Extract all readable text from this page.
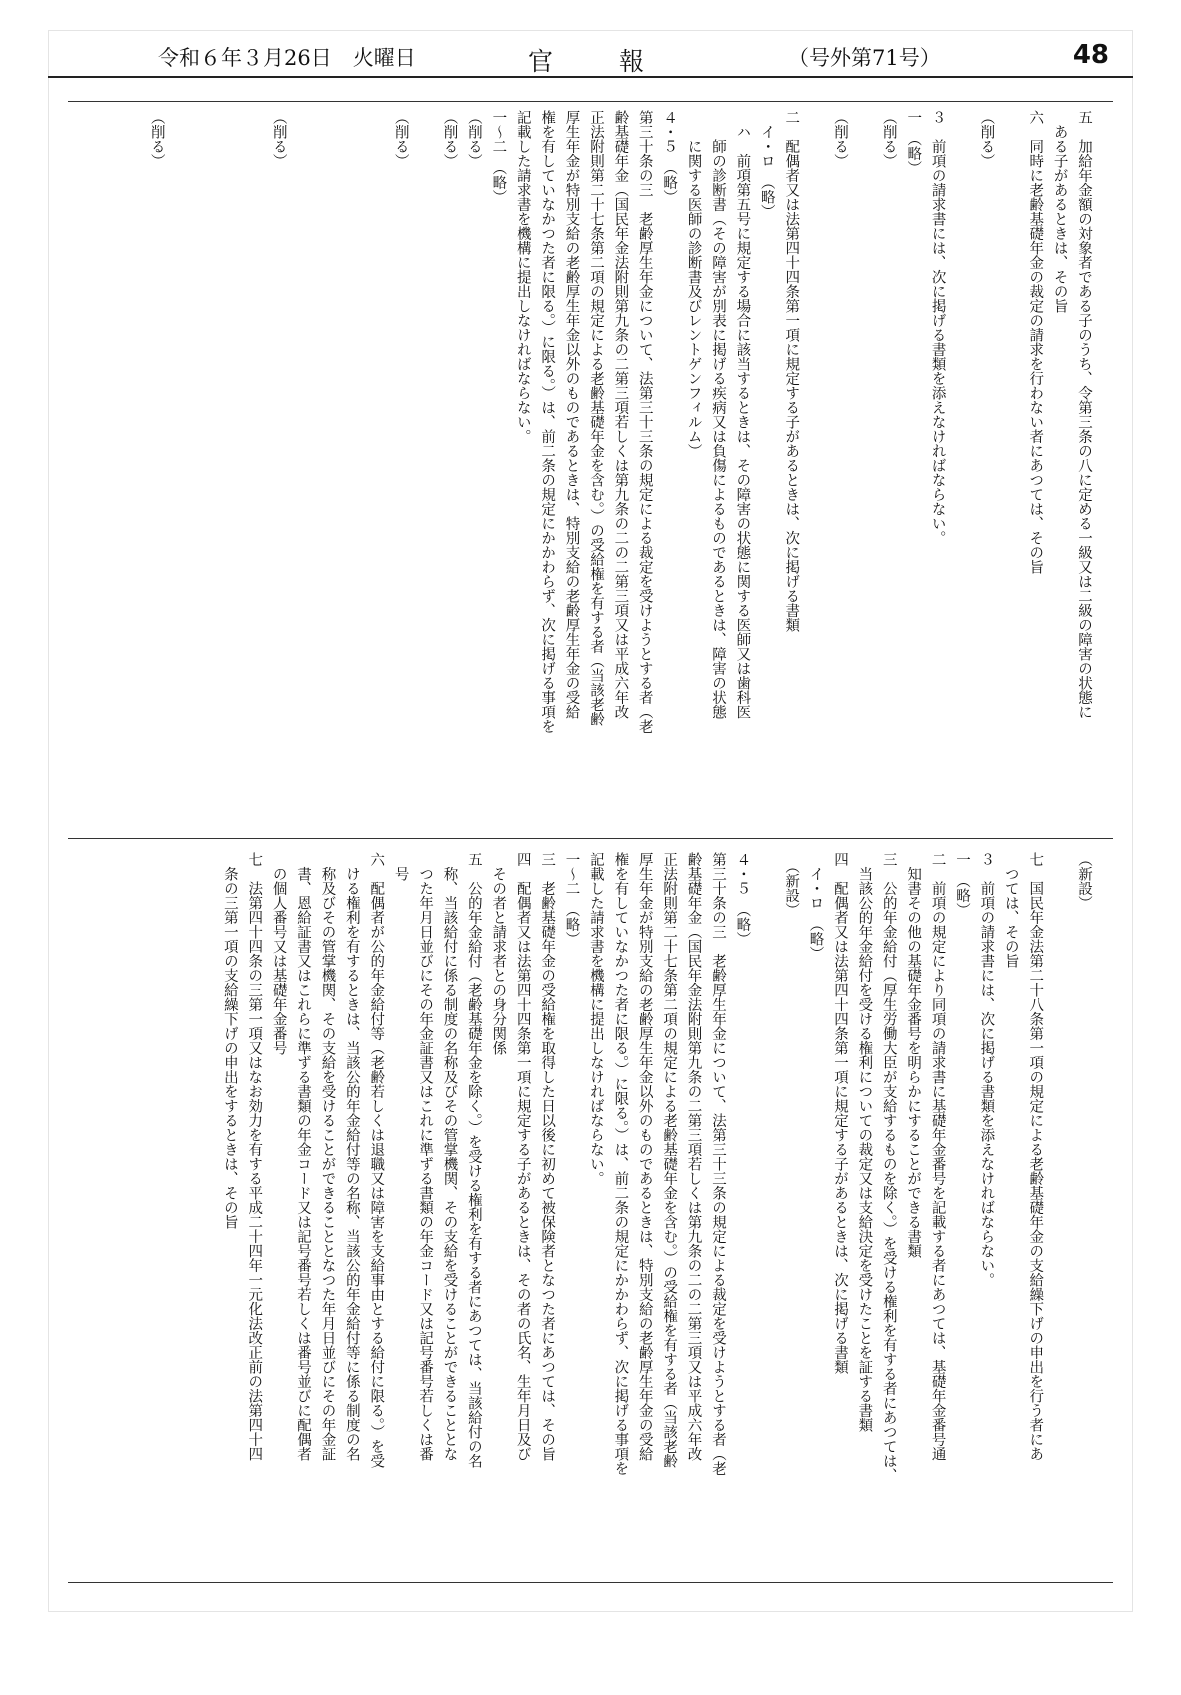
令和６年３月26日　火曜日	官報	（号外第71号）	48
五　加給年金額の対象者である子のうち、令第三条の八に定める一級又は二級の障害の状態に
　ある子があるときは、その旨
六　同時に老齢基礎年金の裁定の請求を行わない者にあつては、その旨
（削る）
３　前項の請求書には、次に掲げる書類を添えなければならない。
一　（略）
（削る）
（削る）
二　配偶者又は法第四十四条第一項に規定する子があるときは、次に掲げる書類
　イ・ロ　（略）
　ハ　前項第五号に規定する場合に該当するときは、その障害の状態に関する医師又は歯科医
　　師の診断書（その障害が別表に掲げる疾病又は負傷によるものであるときは、障害の状態
　　に関する医師の診断書及びレントゲンフィルム）
４・５　（略）
第三十条の三　老齢厚生年金について、法第三十三条の規定による裁定を受けようとする者（老
齢基礎年金（国民年金法附則第九条の二第三項若しくは第九条の二の二第三項又は平成六年改
正法附則第二十七条第二項の規定による老齢基礎年金を含む。）の受給権を有する者（当該老齢
厚生年金が特別支給の老齢厚生年金以外のものであるときは、特別支給の老齢厚生年金の受給
権を有していなかつた者に限る。）に限る。）は、前二条の規定にかかわらず、次に掲げる事項を
記載した請求書を機構に提出しなければならない。
一～二　（略）
（削る）
（削る）
（削る）
（削る）
（削る）
（新設）
七　国民年金法第二十八条第一項の規定による老齢基礎年金の支給繰下げの申出を行う者にあ
　つては、その旨
３　前項の請求書には、次に掲げる書類を添えなければならない。
一　（略）
二　前項の規定により同項の請求書に基礎年金番号を記載する者にあつては、基礎年金番号通
　知書その他の基礎年金番号を明らかにすることができる書類
三　公的年金給付（厚生労働大臣が支給するものを除く。）を受ける権利を有する者にあつては、
　当該公的年金給付を受ける権利についての裁定又は支給決定を受けたことを証する書類
四　配偶者又は法第四十四条第一項に規定する子があるときは、次に掲げる書類
　イ・ロ　（略）
　（新設）
４・５　（略）
第三十条の三　老齢厚生年金について、法第三十三条の規定による裁定を受けようとする者（老
齢基礎年金（国民年金法附則第九条の二第三項若しくは第九条の二の二第三項又は平成六年改
正法附則第二十七条第二項の規定による老齢基礎年金を含む。）の受給権を有する者（当該老齢
厚生年金が特別支給の老齢厚生年金以外のものであるときは、特別支給の老齢厚生年金の受給
権を有していなかつた者に限る。）に限る。）は、前二条の規定にかかわらず、次に掲げる事項を
記載した請求書を機構に提出しなければならない。
一～二　（略）
三　老齢基礎年金の受給権を取得した日以後に初めて被保険者となつた者にあつては、その旨
四　配偶者又は法第四十四条第一項に規定する子があるときは、その者の氏名、生年月日及び
　その者と請求者との身分関係
五　公的年金給付（老齢基礎年金を除く。）を受ける権利を有する者にあつては、当該給付の名
　称、当該給付に係る制度の名称及びその管掌機関、その支給を受けることができることとな
　つた年月日並びにその年金証書又はこれに準ずる書類の年金コード又は記号番号若しくは番
　号
六　配偶者が公的年金給付等（老齢若しくは退職又は障害を支給事由とする給付に限る。）を受
　ける権利を有するときは、当該公的年金給付等の名称、当該公的年金給付等に係る制度の名
　称及びその管掌機関、その支給を受けることができることとなつた年月日並びにその年金証
　書、恩給証書又はこれらに準ずる書類の年金コード又は記号番号若しくは番号並びに配偶者
　の個人番号又は基礎年金番号
七　法第四十四条の三第一項又はなお効力を有する平成二十四年一元化法改正前の法第四十四
　条の三第一項の支給繰下げの申出をするときは、その旨
